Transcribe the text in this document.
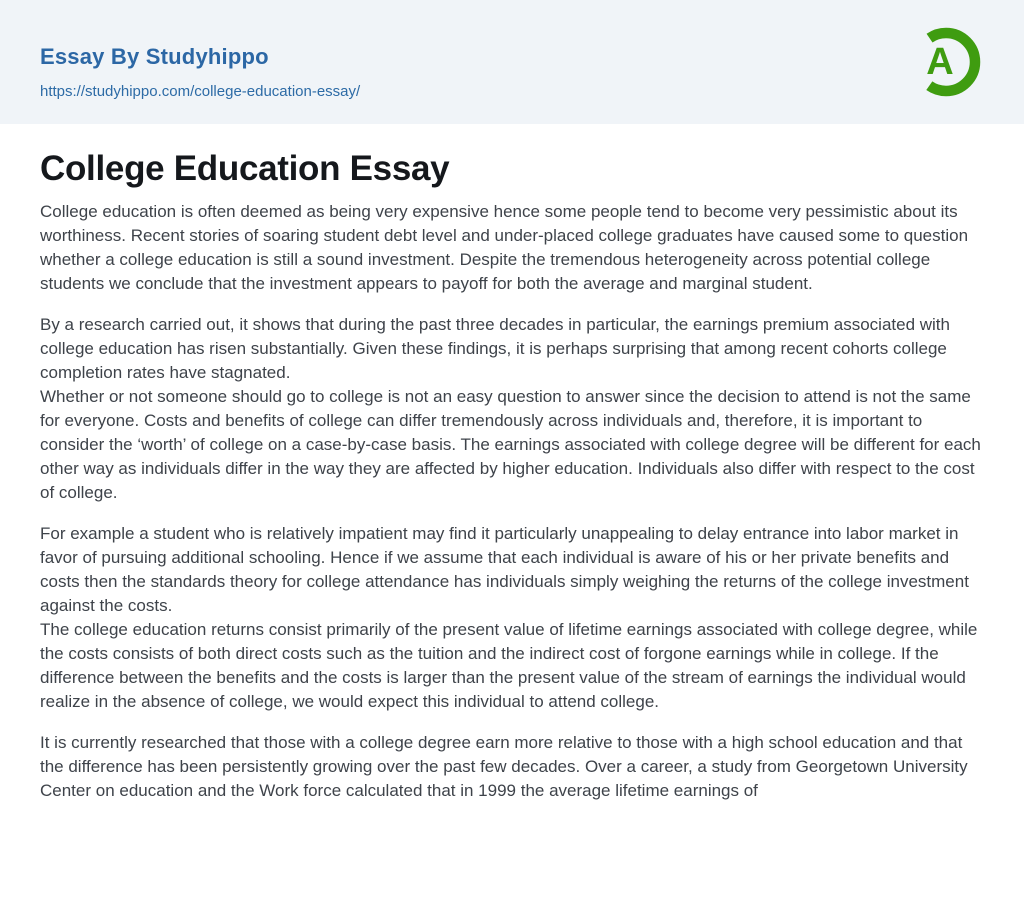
Essay By Studyhippo
https://studyhippo.com/college-education-essay/
A
College Education Essay

College education is often deemed as being very expensive hence some people tend to become very pessimistic about its worthiness. Recent stories of soaring student debt level and under-placed college graduates have caused some to question whether a college education is still a sound investment. Despite the tremendous heterogeneity across potential college students we conclude that the investment appears to payoff for both the average and marginal student.

By a research carried out, it shows that during the past three decades in particular, the earnings premium associated with college education has risen substantially. Given these findings, it is perhaps surprising that among recent cohorts college completion rates have stagnated.

Whether or not someone should go to college is not an easy question to answer since the decision to attend is not the same for everyone. Costs and benefits of college can differ tremendously across individuals and, therefore, it is important to consider the ‘worth’ of college on a case-by-case basis. The earnings associated with college degree will be different for each other way as individuals differ in the way they are affected by higher education. Individuals also differ with respect to the cost of college.

For example a student who is relatively impatient may find it particularly unappealing to delay entrance into labor market in favor of pursuing additional schooling. Hence if we assume that each individual is aware of his or her private benefits and costs then the standards theory for college attendance has individuals simply weighing the returns of the college investment against the costs.

The college education returns consist primarily of the present value of lifetime earnings associated with college degree, while the costs consists of both direct costs such as the tuition and the indirect cost of forgone earnings while in college. If the difference between the benefits and the costs is larger than the present value of the stream of earnings the individual would realize in the absence of college, we would expect this individual to attend college.

It is currently researched that those with a college degree earn more relative to those with a high school education and that the difference has been persistently growing over the past few decades. Over a career, a study from Georgetown University Center on education and the Work force calculated that in 1999 the average lifetime earnings of
